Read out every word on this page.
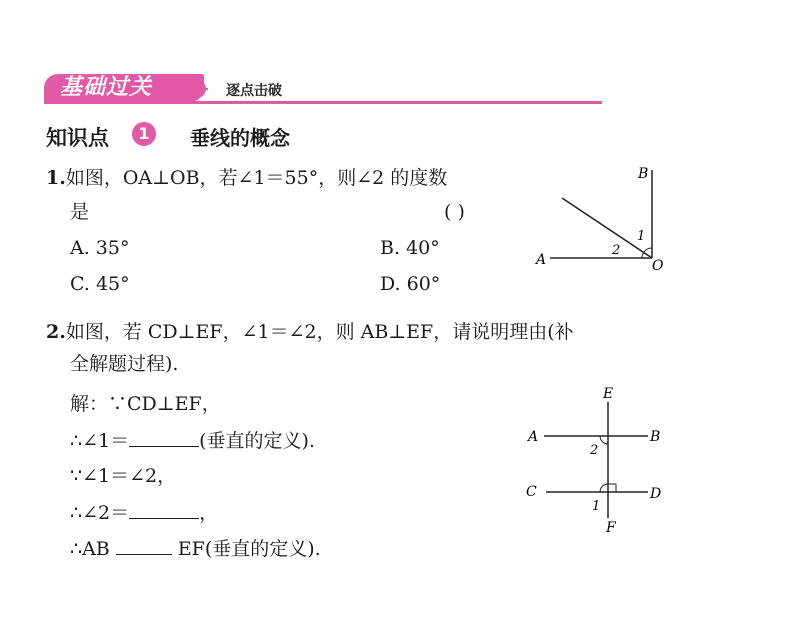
基础过关	逐点击破
知识点	1	垂线的概念
1.如图，OA⊥OB，若∠1＝55°，则∠2 的度数
是	( )
A. 35°	B. 40°
C. 45°	D. 60°
B
A	O
1
2
2.如图，若 CD⊥EF，∠1＝∠2，则 AB⊥EF，请说明理由(补
全解题过程).
解：∵CD⊥EF，
∴∠1＝	(垂直的定义).
∵∠1＝∠2，
∴∠2＝	，
∴AB	EF(垂直的定义).
E
A	B
C	D
F
2
1
